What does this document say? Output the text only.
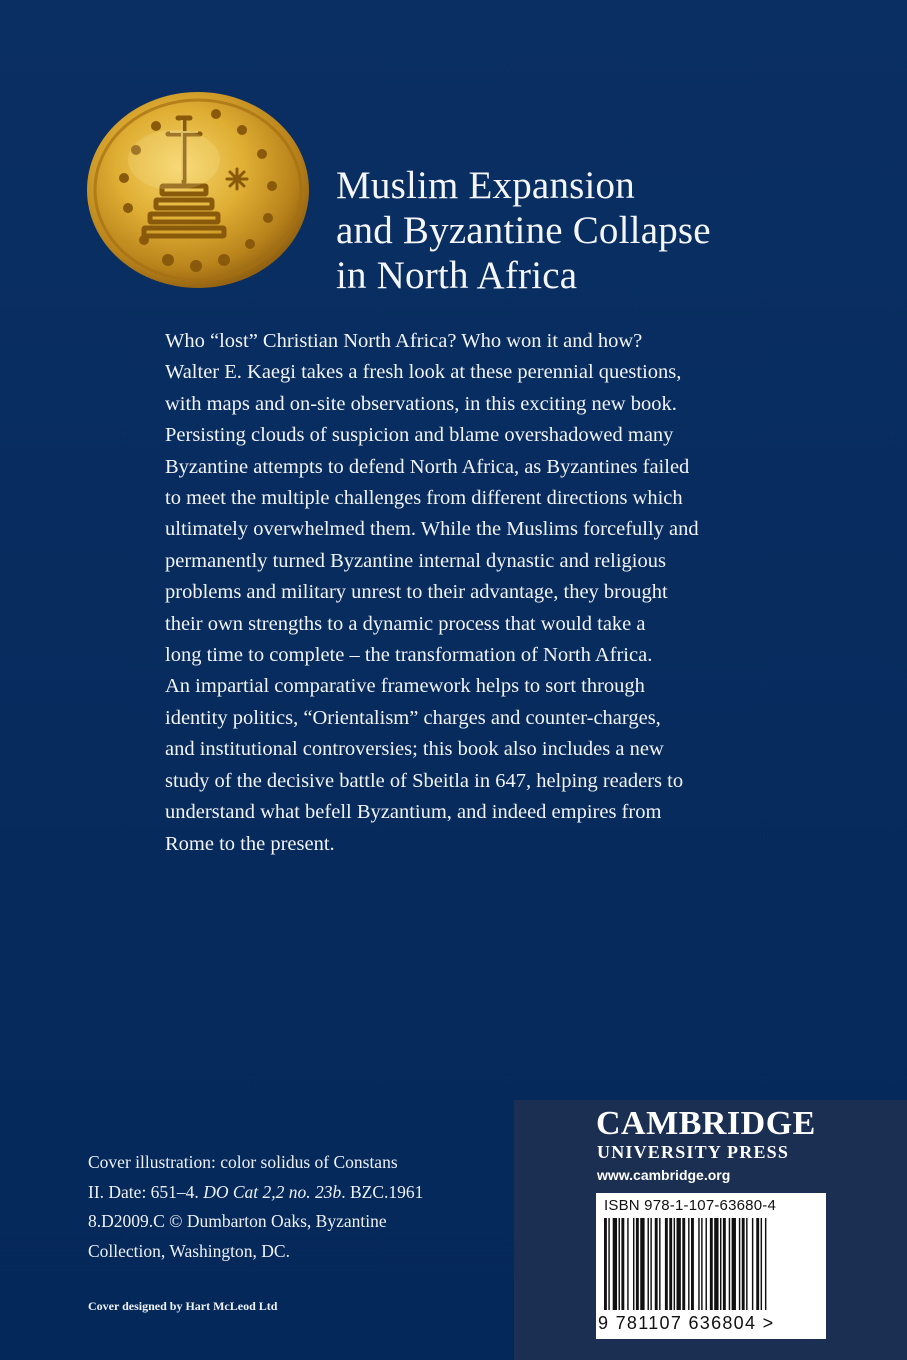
Muslim Expansion
and Byzantine Collapse
in North Africa
Who “lost” Christian North Africa? Who won it and how?
Walter E. Kaegi takes a fresh look at these perennial questions,
with maps and on-site observations, in this exciting new book.
Persisting clouds of suspicion and blame overshadowed many
Byzantine attempts to defend North Africa, as Byzantines failed
to meet the multiple challenges from different directions which
ultimately overwhelmed them. While the Muslims forcefully and
permanently turned Byzantine internal dynastic and religious
problems and military unrest to their advantage, they brought
their own strengths to a dynamic process that would take a
long time to complete – the transformation of North Africa.
An impartial comparative framework helps to sort through
identity politics, “Orientalism” charges and counter-charges,
and institutional controversies; this book also includes a new
study of the decisive battle of Sbeitla in 647, helping readers to
understand what befell Byzantium, and indeed empires from
Rome to the present.
Cover illustration: color solidus of Constans
II. Date: 651–4. DO Cat 2,2 no. 23b. BZC.1961
8.D2009.C © Dumbarton Oaks, Byzantine
Collection, Washington, DC.
Cover designed by Hart McLeod Ltd
CAMBRIDGE
UNIVERSITY PRESS
www.cambridge.org
ISBN 978-1-107-63680-4
9 781107 636804 >
